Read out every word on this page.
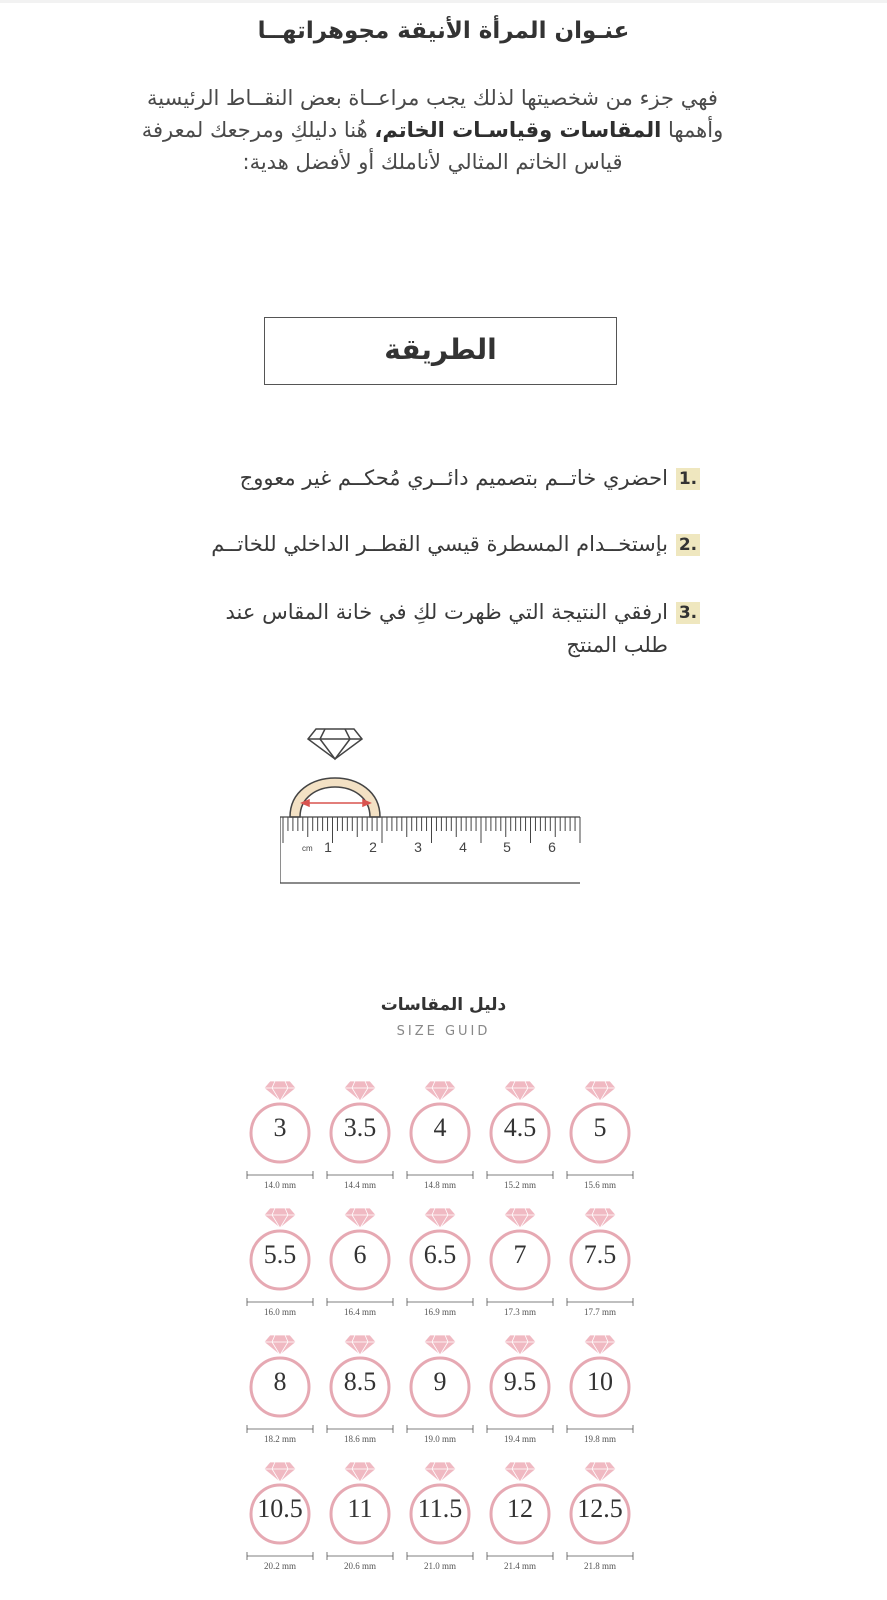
عنـوان المرأة الأنيقة مجوهراتهــا
فهي جزء من شخصيتها لذلك يجب مراعــاة بعض النقــاط الرئيسية وأهمها المقاسات وقياسـات الخاتم، هُنا دليلكِ ومرجعك لمعرفة قياس الخاتم المثالي لأناملك أو لأفضل هدية:
الطريقة
1.
احضري خاتــم بتصميم دائــري مُحكــم غير معووج
2.
بإستخــدام المسطرة قيسي القطــر الداخلي للخاتــم
3.
ارفقي النتيجة التي ظهرت لكِ في خانة المقاس عند طلب المنتج
cm 1	2	3	4	5	6
دليل المقاسات
SIZE GUID
3
14.0 mm
3.5
14.4 mm
4
14.8 mm
4.5
15.2 mm
5
15.6 mm
5.5
16.0 mm
6
16.4 mm
6.5
16.9 mm
7
17.3 mm
7.5
17.7 mm
8
18.2 mm
8.5
18.6 mm
9
19.0 mm
9.5
19.4 mm
10
19.8 mm
10.5
20.2 mm
11
20.6 mm
11.5
21.0 mm
12
21.4 mm
12.5
21.8 mm
